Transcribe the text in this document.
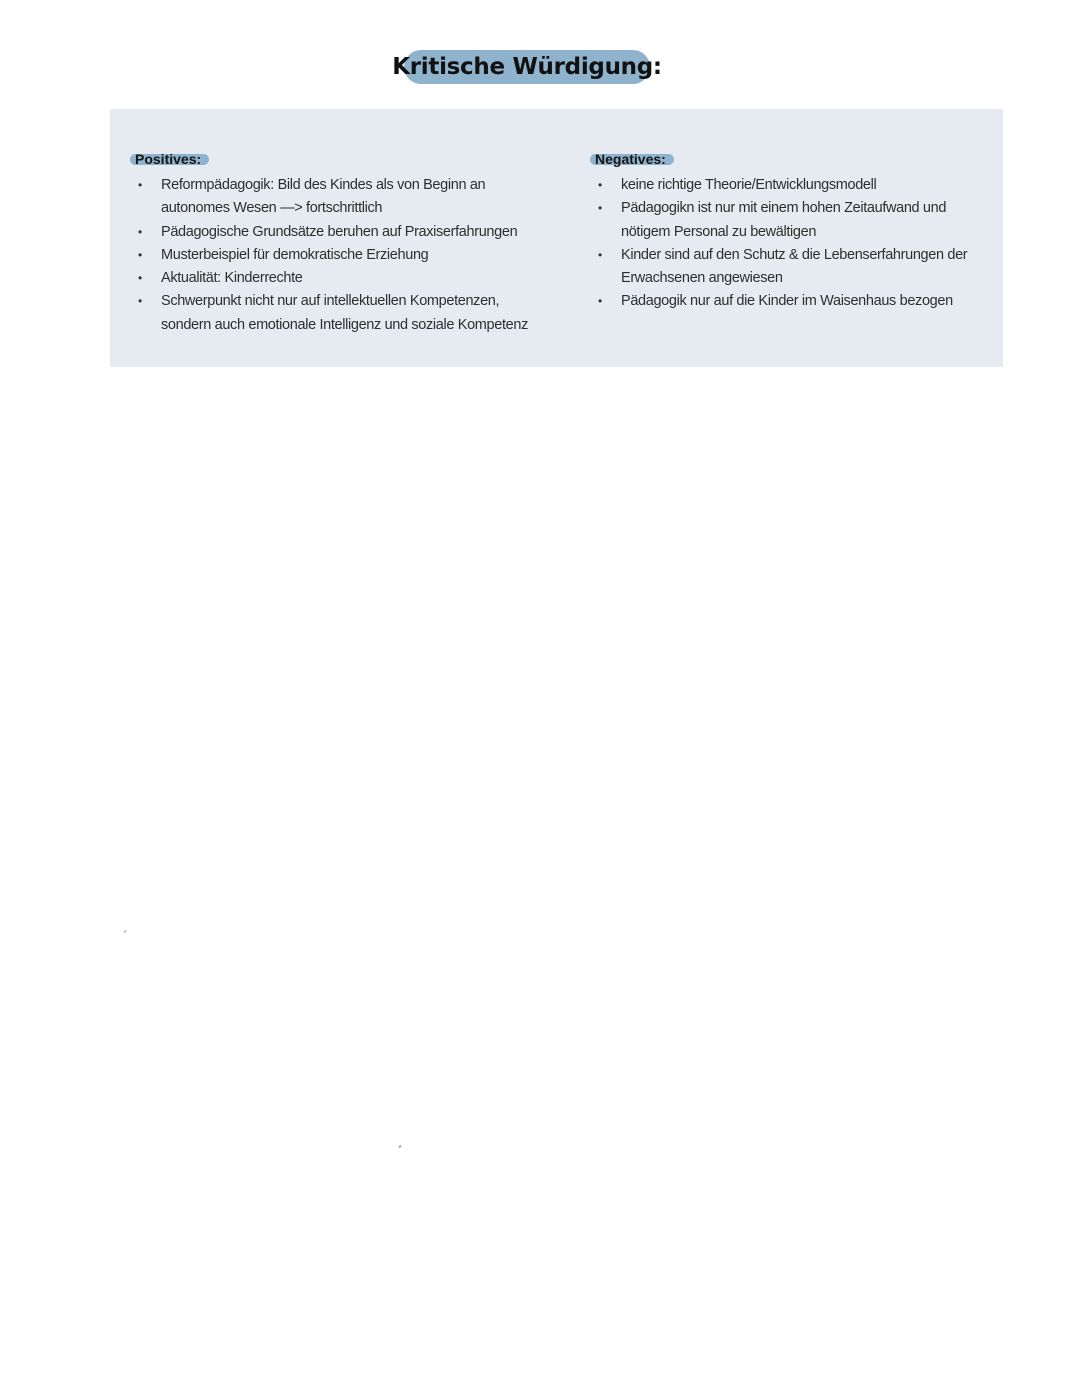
Kritische Würdigung:
Positives:
• Reformpädagogik: Bild des Kindes als von Beginn an autonomes Wesen —> fortschrittlich
• Pädagogische Grundsätze beruhen auf Praxiserfahrungen
• Musterbeispiel für demokratische Erziehung
• Aktualität: Kinderrechte
• Schwerpunkt nicht nur auf intellektuellen Kompetenzen, sondern auch emotionale Intelligenz und soziale Kompetenz
Negatives:
• keine richtige Theorie/Entwicklungsmodell
• Pädagogikn ist nur mit einem hohen Zeitaufwand und nötigem Personal zu bewältigen
• Kinder sind auf den Schutz & die Lebenserfahrungen der Erwachsenen angewiesen
• Pädagogik nur auf die Kinder im Waisenhaus bezogen
